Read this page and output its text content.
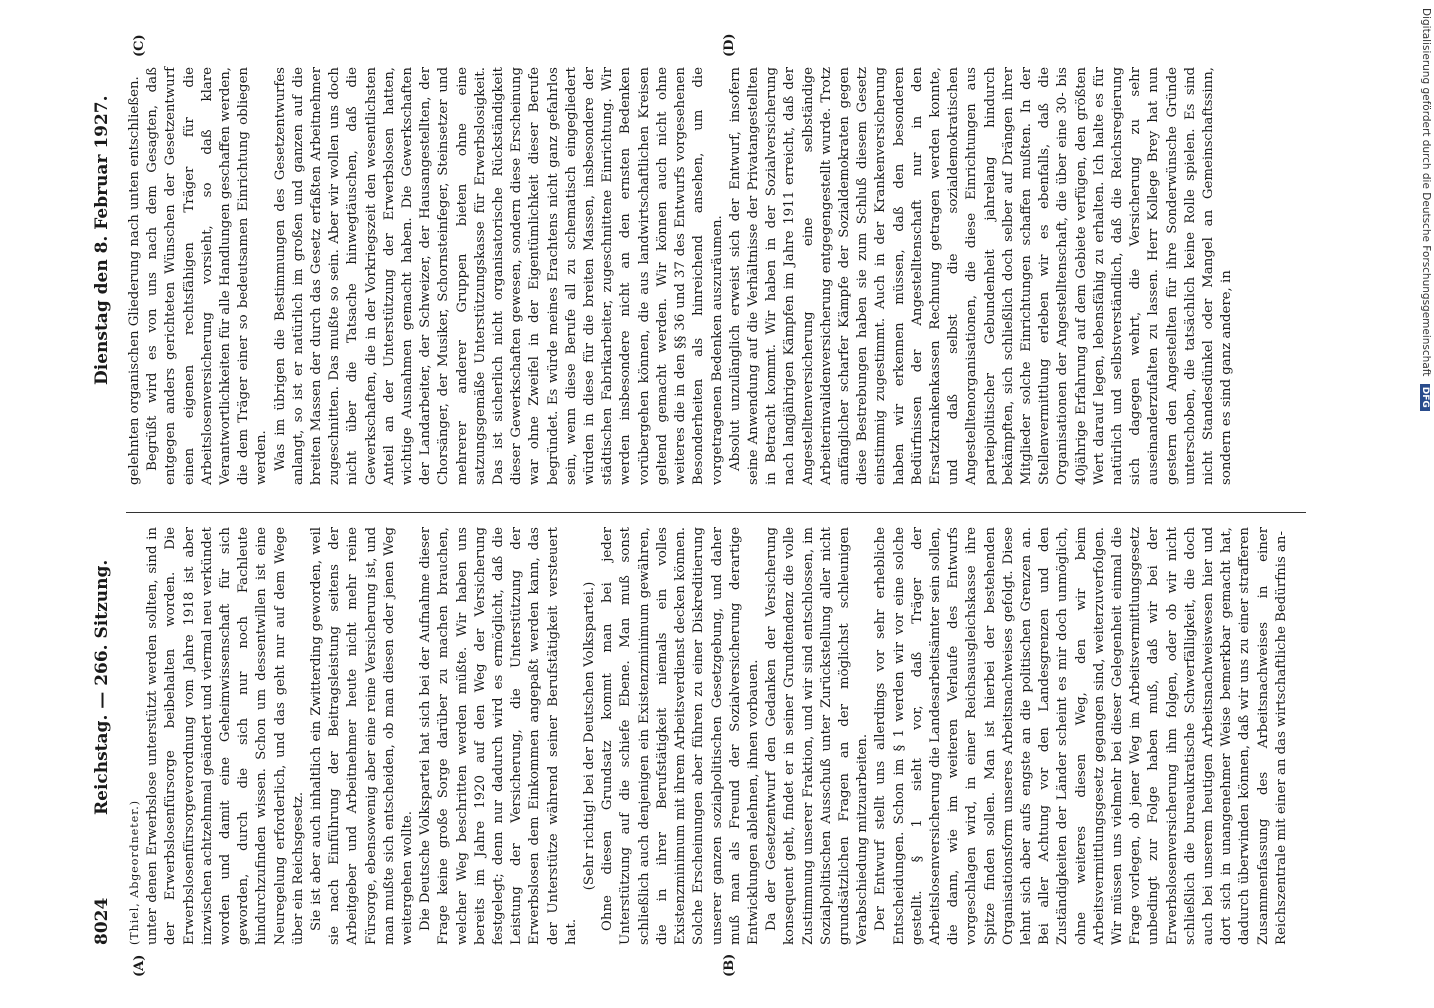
8024
Reichstag. — 266. Sitzung.
Dienstag den 8. Februar 1927.
(A)	(B)
(C)	(D)

(Thiel, Abgeordneter.) unter denen Erwerbslose unterstützt werden sollten, sind in der Erwerbslosenfürsorge beibehalten worden. Die Erwerbslosenfürsorgeverordnung vom Jahre 1918 ist aber inzwischen achtzehnmal geändert und viermal neu verkündet worden und damit eine Geheimwissenschaft für sich geworden, durch die sich nur noch Fachleute hindurchzufinden wissen. Schon um dessentwillen ist eine Neuregelung erforderlich, und das geht nur auf dem Wege über ein Reichsgesetz. Sie ist aber auch inhaltlich ein Zwitterding geworden, weil sie nach Einführung der Beitragsleistung seitens der Arbeitgeber und Arbeitnehmer heute nicht mehr reine Fürsorge, ebensowenig aber eine reine Versicherung ist, und man mußte sich entscheiden, ob man diesen oder jenen Weg weitergehen wollte. Die Deutsche Volkspartei hat sich bei der Aufnahme dieser Frage keine große Sorge darüber zu machen brauchen, welcher Weg beschritten werden müßte. Wir haben uns bereits im Jahre 1920 auf den Weg der Versicherung festgelegt; denn nur dadurch wird es ermöglicht, daß die Leistung der Versicherung, die Unterstützung der Erwerbslosen dem Einkommen angepaßt werden kann, das der Unterstütze während seiner Berufstätigkeit versteuert hat.

(Sehr richtig! bei der Deutschen Volkspartei.) Ohne diesen Grundsatz kommt man bei jeder Unterstützung auf die schiefe Ebene. Man muß sonst schließlich auch denjenigen ein Existenzminimum gewähren, die in ihrer Berufstätigkeit niemals ein volles Existenzminimum mit ihrem Arbeitsverdienst decken können. Solche Erscheinungen aber führen zu einer Diskreditierung unserer ganzen sozialpolitischen Gesetzgebung, und daher muß man als Freund der Sozialversicherung derartige Entwicklungen ablehnen, ihnen vorbauen. Da der Gesetzentwurf den Gedanken der Versicherung konsequent geht, findet er in seiner Grundtendenz die volle Zustimmung unserer Fraktion, und wir sind entschlossen, im Sozialpolitischen Ausschuß unter Zurückstellung aller nicht grundsätzlichen Fragen an der möglichst schleunigen Verabschiedung mitzuarbeiten. Der Entwurf stellt uns allerdings vor sehr erhebliche Entscheidungen. Schon im § 1 werden wir vor eine solche gestellt. § 1 sieht vor, daß Träger der Arbeitslosenversicherung die Landesarbeitsämter sein sollen, die dann, wie im weiteren Verlaufe des Entwurfs vorgeschlagen wird, in einer Reichsausgleichskasse ihre Spitze finden sollen. Man ist hierbei der bestehenden Organisationsform unseres Arbeitsnachweises gefolgt. Diese lehnt sich aber aufs engste an die politischen Grenzen an. Bei aller Achtung vor den Landesgrenzen und den Zuständigkeiten der Länder scheint es mir doch unmöglich, ohne weiteres diesen Weg, den wir beim Arbeitsvermittlungsgesetz gegangen sind, weiterzuverfolgen. Wir müssen uns vielmehr bei dieser Gelegenheit einmal die Frage vorlegen, ob jener Weg im Arbeitsvermittlungsgesetz unbedingt zur Folge haben muß, daß wir bei der Erwerbslosenversicherung ihm folgen, oder ob wir nicht schließlich die bureaukratische Schwerfälligkeit, die doch auch bei unserem heutigen Arbeitsnachweiswesen hier und dort sich in unangenehmer Weise bemerkbar gemacht hat, dadurch überwinden können, daß wir uns zu einer strafferen Zusammenfassung des Arbeitsnachweises in einer Reichszentrale mit einer an das wirtschaftliche Bedürfnis an-

gelehnten organischen Gliederung nach unten entschließen. Begrüßt wird es von uns nach dem Gesagten, daß entgegen anders gerichteten Wünschen der Gesetzentwurf einen eigenen rechtsfähigen Träger für die Arbeitslosenversicherung vorsieht, so daß klare Verantwortlichkeiten für alle Handlungen geschaffen werden, die dem Träger einer so bedeutsamen Einrichtung obliegen werden. Was im übrigen die Bestimmungen des Gesetzentwurfes anlangt, so ist er natürlich im großen und ganzen auf die breiten Massen der durch das Gesetz erfaßten Arbeitnehmer zugeschnitten. Das mußte so sein. Aber wir wollen uns doch nicht über die Tatsache hinwegtäuschen, daß die Gewerkschaften, die in der Vorkriegszeit den wesentlichsten Anteil an der Unterstützung der Erwerbslosen hatten, wichtige Ausnahmen gemacht haben. Die Gewerkschaften der Landarbeiter, der Schweizer, der Hausangestellten, der Chorsänger, der Musiker, Schornsteinfeger, Steinsetzer und mehrerer anderer Gruppen bieten ohne eine satzungsgemäße Unterstützungskasse für Erwerbslosigkeit. Das ist sicherlich nicht organisatorische Rückständigkeit dieser Gewerkschaften gewesen, sondern diese Erscheinung war ohne Zweifel in der Eigentümlichkeit dieser Berufe begründet. Es würde meines Erachtens nicht ganz gefahrlos sein, wenn diese Berufe all zu schematisch eingegliedert würden in diese für die breiten Massen, insbesondere der städtischen Fabrikarbeiter, zugeschnittene Einrichtung. Wir werden insbesondere nicht an den ernsten Bedenken vorübergehen können, die aus landwirtschaftlichen Kreisen geltend gemacht werden. Wir können auch nicht ohne weiteres die in den §§ 36 und 37 des Entwurfs vorgesehenen Besonderheiten als hinreichend ansehen, um die vorgetragenen Bedenken auszuräumen. Absolut unzulänglich erweist sich der Entwurf, insofern seine Anwendung auf die Verhältnisse der Privatangestellten in Betracht kommt. Wir haben in der Sozialversicherung nach langjährigen Kämpfen im Jahre 1911 erreicht, daß der Angestelltenversicherung eine selbständige Arbeiterinvalidenversicherung entgegengestellt wurde. Trotz anfänglicher scharfer Kämpfe der Sozialdemokraten gegen diese Bestrebungen haben sie zum Schluß diesem Gesetz einstimmig zugestimmt. Auch in der Krankenversicherung haben wir erkennen müssen, daß den besonderen Bedürfnissen der Angestelltenschaft nur in den Ersatzkrankenkassen Rechnung getragen werden konnte, und daß selbst die sozialdemokratischen Angestelltenorganisationen, die diese Einrichtungen aus parteipolitischer Gebundenheit jahrelang hindurch bekämpften, sich schließlich doch selber auf Drängen ihrer Mitglieder solche Einrichtungen schaffen mußten. In der Stellenvermittlung erleben wir es ebenfalls, daß die Organisationen der Angestelltenschaft, die über eine 30- bis 40jährige Erfahrung auf dem Gebiete verfügen, den größten Wert darauf legen, lebensfähig zu erhalten. Ich halte es für natürlich und selbstverständlich, daß die Reichsregierung sich dagegen wehrt, die Versicherung zu sehr auseinanderzufalten zu lassen. Herr Kollege Brey hat nun gestern den Angestellten für ihre Sonderwünsche Gründe unterschoben, die tatsächlich keine Rolle spielen. Es sind nicht Standesdünkel oder Mangel an Gemeinschaftssinn, sondern es sind ganz andere, in

Digitalisierung gefördert durch die Deutsche Forschungsgemeinschaft DFG
